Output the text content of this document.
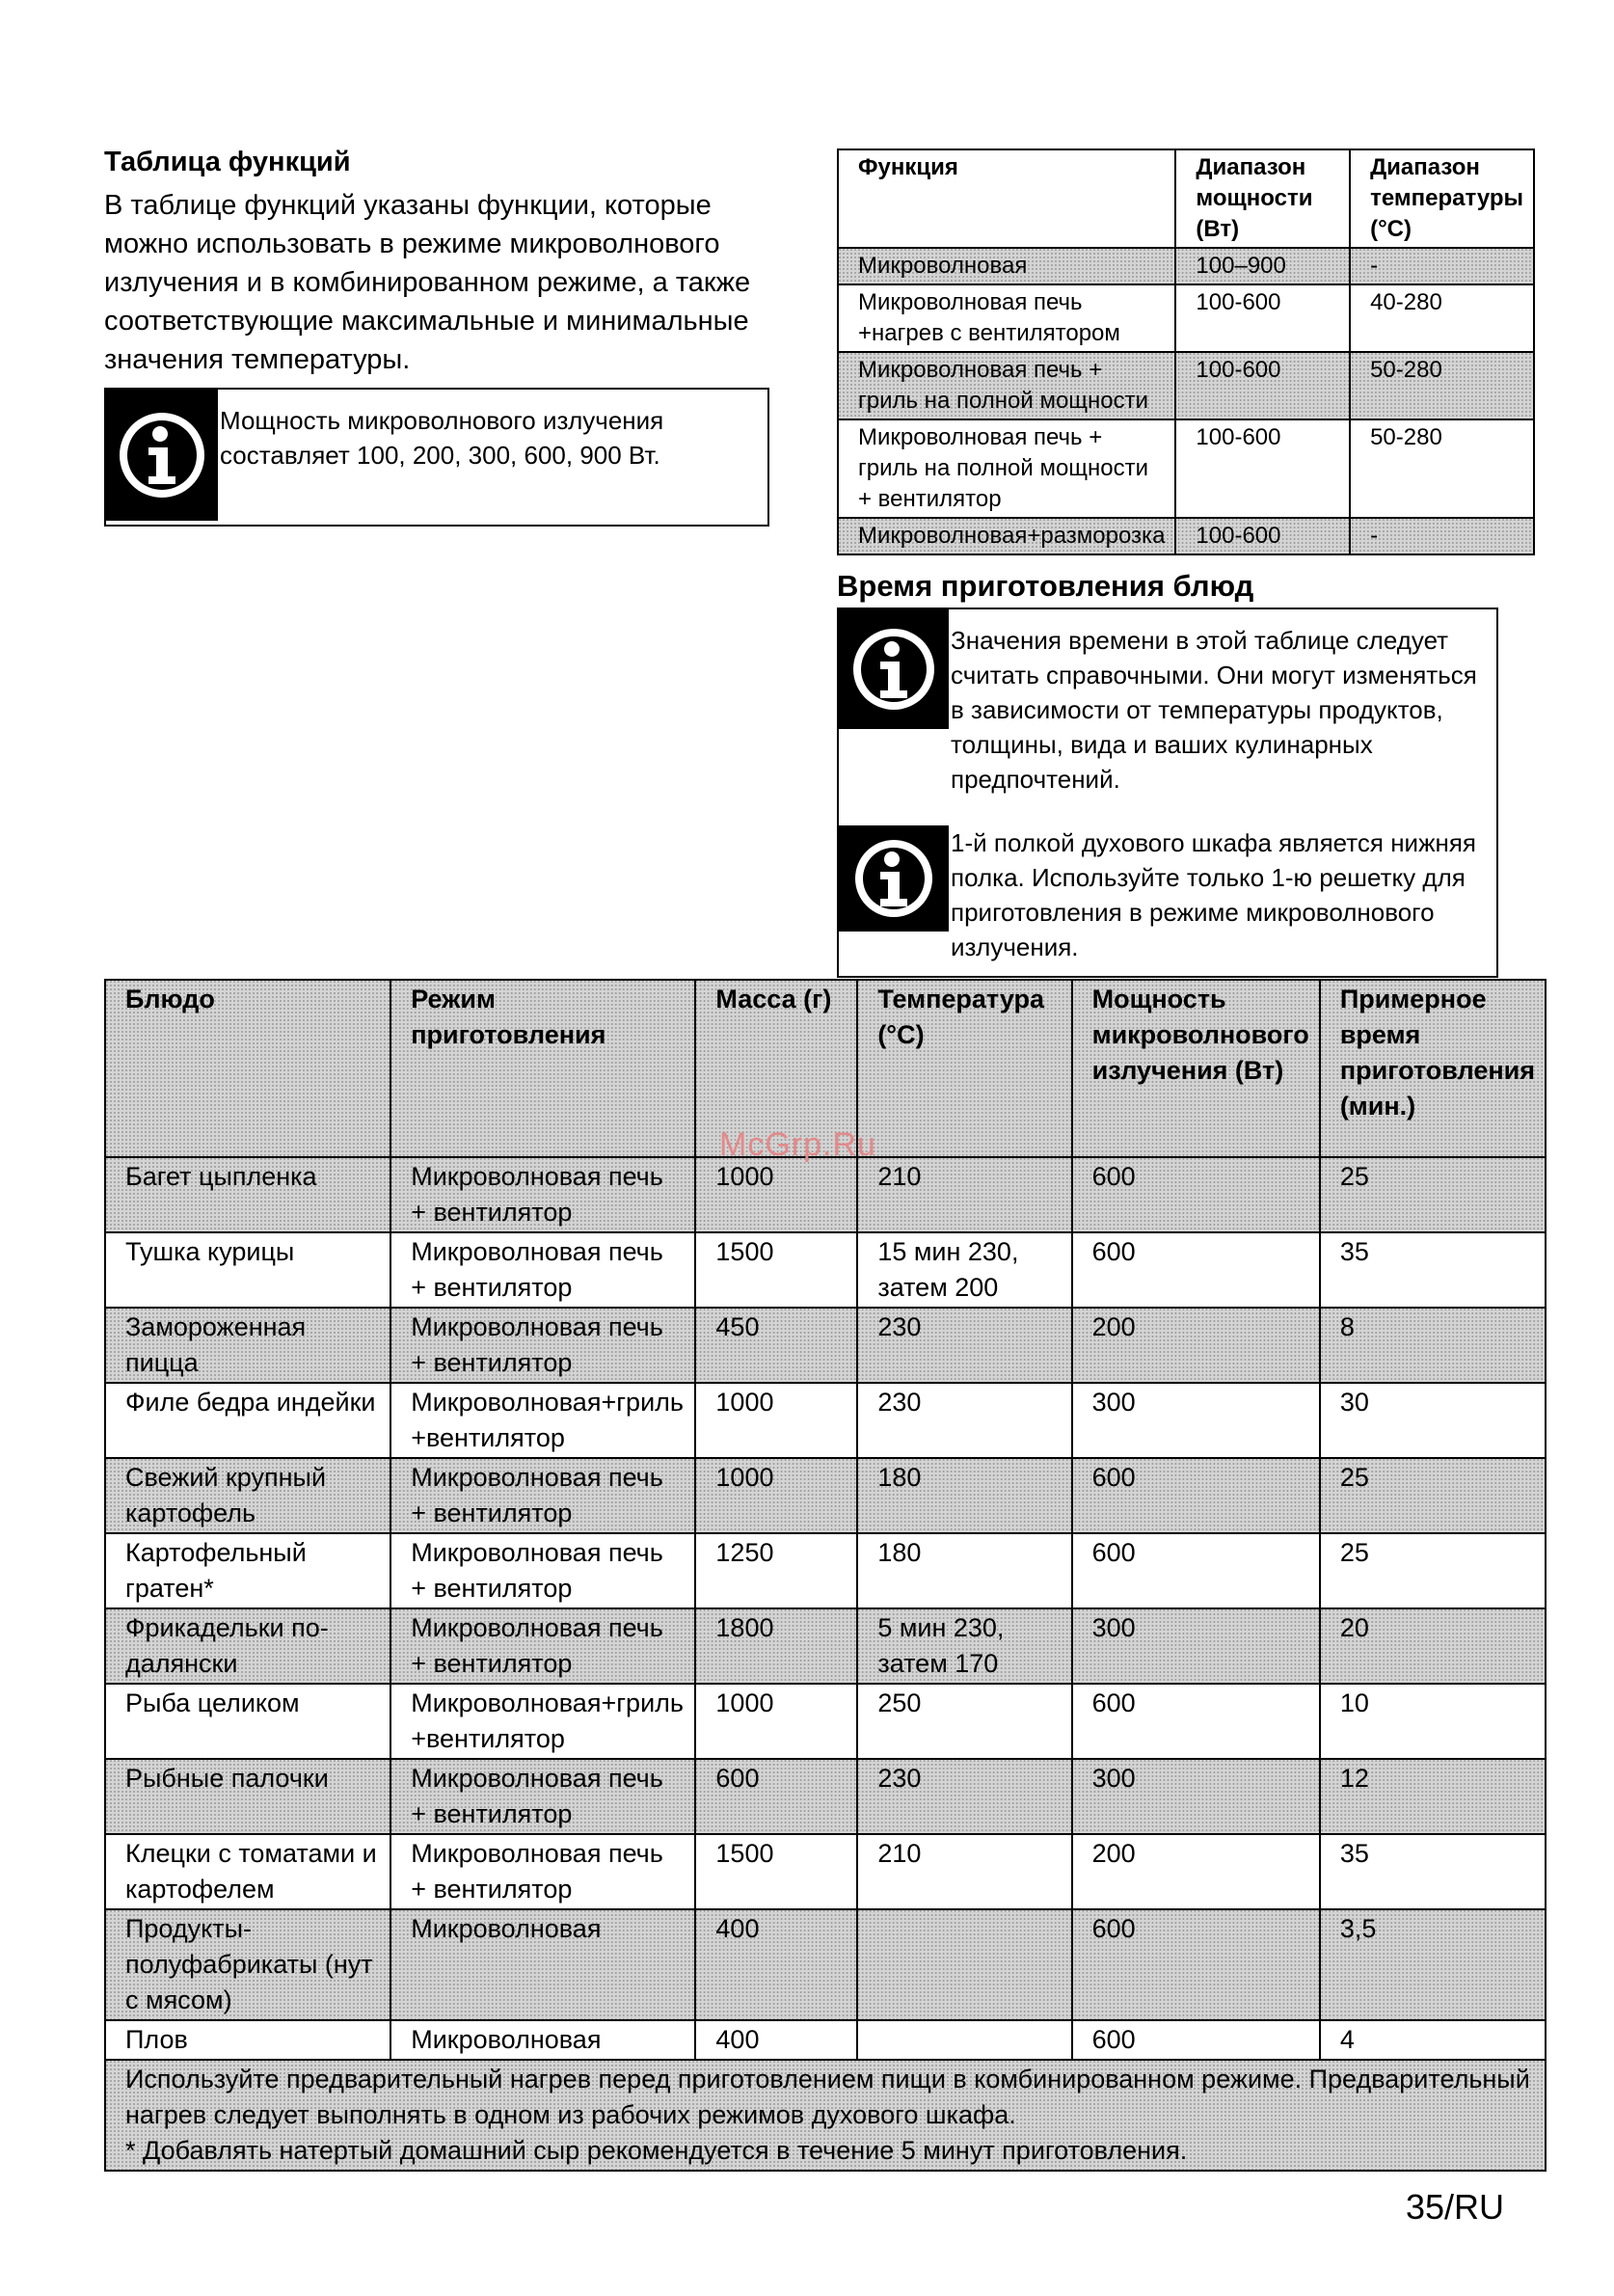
Таблица функций

В таблице функций указаны функции, которые можно использовать в режиме микроволнового излучения и в комбинированном режиме, а также соответствующие максимальные и минимальные значения температуры.

Мощность микроволнового излучения составляет 100, 200, 300, 600, 900 Вт.
Функция	Диапазон мощности (Вт)	Диапазон температуры (°C)
Микроволновая	100–900	-
Микроволновая печь +нагрев с вентилятором	100-600	40-280
Микроволновая печь + гриль на полной мощности	100-600	50-280
Микроволновая печь + гриль на полной мощности + вентилятор	100-600	50-280
Микроволновая+разморозка	100-600	-
Время приготовления блюд
Значения времени в этой таблице следует считать справочными. Они могут изменяться в зависимости от температуры продуктов, толщины, вида и ваших кулинарных предпочтений.
1-й полкой духового шкафа является нижняя полка. Используйте только 1-ю решетку для приготовления в режиме микроволнового излучения.
Блюдо	Режим приготовления	Масса (г)	Температура (°C)	Мощность микроволнового излучения (Вт)	Примерное время приготовления (мин.)
Багет цыпленка	Микроволновая печь + вентилятор	1000	210	600	25
Тушка курицы	Микроволновая печь + вентилятор	1500	15 мин 230, затем 200	600	35
Замороженная пицца	Микроволновая печь + вентилятор	450	230	200	8
Филе бедра индейки	Микроволновая+гриль +вентилятор	1000	230	300	30
Свежий крупный картофель	Микроволновая печь + вентилятор	1000	180	600	25
Картофельный гратен*	Микроволновая печь + вентилятор	1250	180	600	25
Фрикадельки по-далянски	Микроволновая печь + вентилятор	1800	5 мин 230, затем 170	300	20
Рыба целиком	Микроволновая+гриль +вентилятор	1000	250	600	10
Рыбные палочки	Микроволновая печь + вентилятор	600	230	300	12
Клецки с томатами и картофелем	Микроволновая печь + вентилятор	1500	210	200	35
Продукты-полуфабрикаты (нут с мясом)	Микроволновая	400		600	3,5
Плов	Микроволновая	400		600	4

Используйте предварительный нагрев перед приготовлением пищи в комбинированном режиме. Предварительный нагрев следует выполнять в одном из рабочих режимов духового шкафа.
* Добавлять натертый домашний сыр рекомендуется в течение 5 минут приготовления.					
McGrp.Ru
35/RU
